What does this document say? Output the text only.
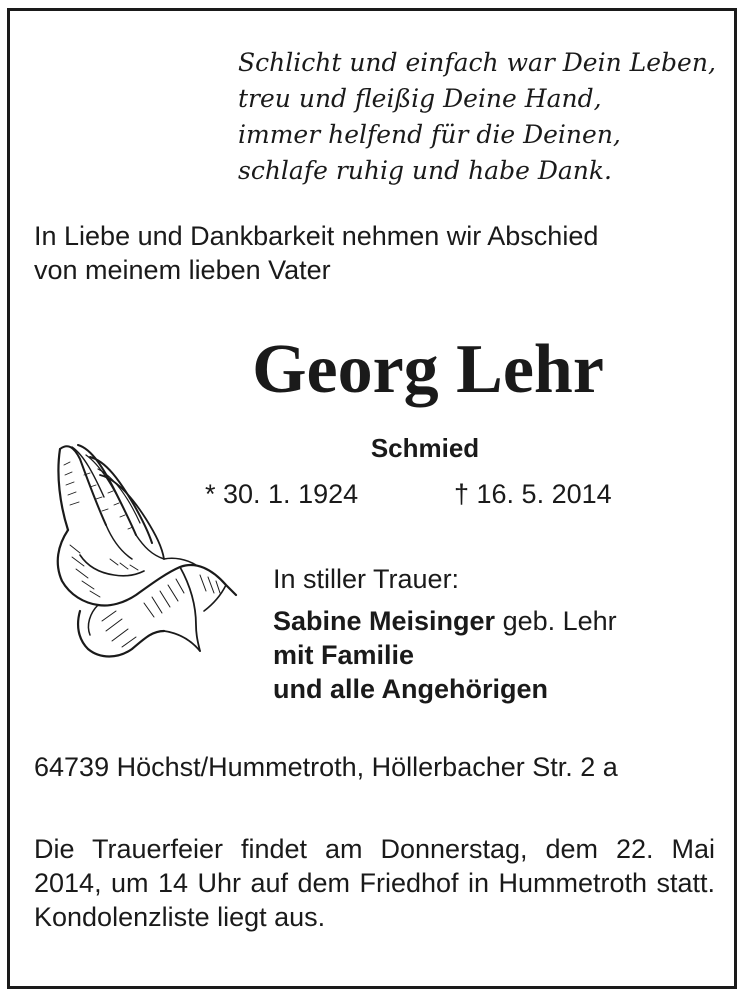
Schlicht und einfach war Dein Leben,
treu und fleißig Deine Hand,
immer helfend für die Deinen,
schlafe ruhig und habe Dank.
In Liebe und Dankbarkeit nehmen wir Abschied
von meinem lieben Vater
Georg Lehr
Schmied
* 30. 1. 1924	† 16. 5. 2014
In stiller Trauer:
Sabine Meisinger geb. Lehr
mit Familie
und alle Angehörigen
64739 Höchst/Hummetroth, Höllerbacher Str. 2 a
Die Trauerfeier findet am Donnerstag, dem 22. Mai 2014, um 14 Uhr auf dem Friedhof in Hummetroth statt. Kondolenzliste liegt aus.
